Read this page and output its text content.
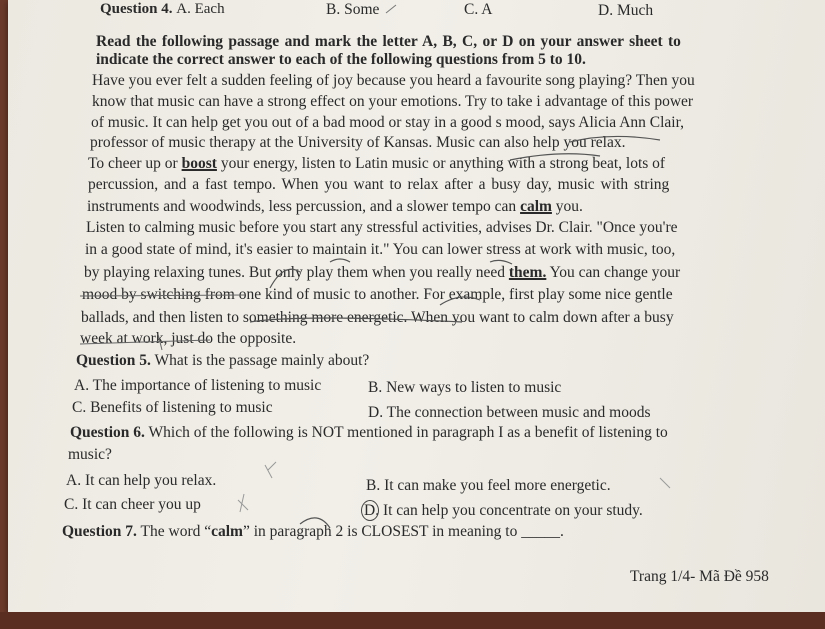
Question 4. A. Each	B. Some	C. A	D. Much
Read the following passage and mark the letter A, B, C, or D on your answer sheet to
indicate the correct answer to each of the following questions from 5 to 10.
Have you ever felt a sudden feeling of joy because you heard a favourite song playing? Then you
know that music can have a strong effect on your emotions. Try to take i advantage of this power
of music. It can help get you out of a bad mood or stay in a good s mood, says Alicia Ann Clair,
professor of music therapy at the University of Kansas. Music can also help you relax.
To cheer up or boost your energy, listen to Latin music or anything with a strong beat, lots of
percussion, and a fast tempo. When you want to relax after a busy day, music with string
instruments and woodwinds, less percussion, and a slower tempo can calm you.
Listen to calming music before you start any stressful activities, advises Dr. Clair. "Once you're
in a good state of mind, it's easier to maintain it." You can lower stress at work with music, too,
by playing relaxing tunes. But only play them when you really need them. You can change your
mood by switching from one kind of music to another. For example, first play some nice gentle
ballads, and then listen to something more energetic. When you want to calm down after a busy
week at work, just do the opposite.
Question 5. What is the passage mainly about?
A. The importance of listening to music	B. New ways to listen to music
C. Benefits of listening to music	D. The connection between music and moods
Question 6. Which of the following is NOT mentioned in paragraph I as a benefit of listening to
music?
A. It can help you relax.	B. It can make you feel more energetic.
C. It can cheer you up	D. It can help you concentrate on your study.
Question 7. The word “calm” in paragraph 2 is CLOSEST in meaning to _____.
Trang 1/4- Mã Đề 958
